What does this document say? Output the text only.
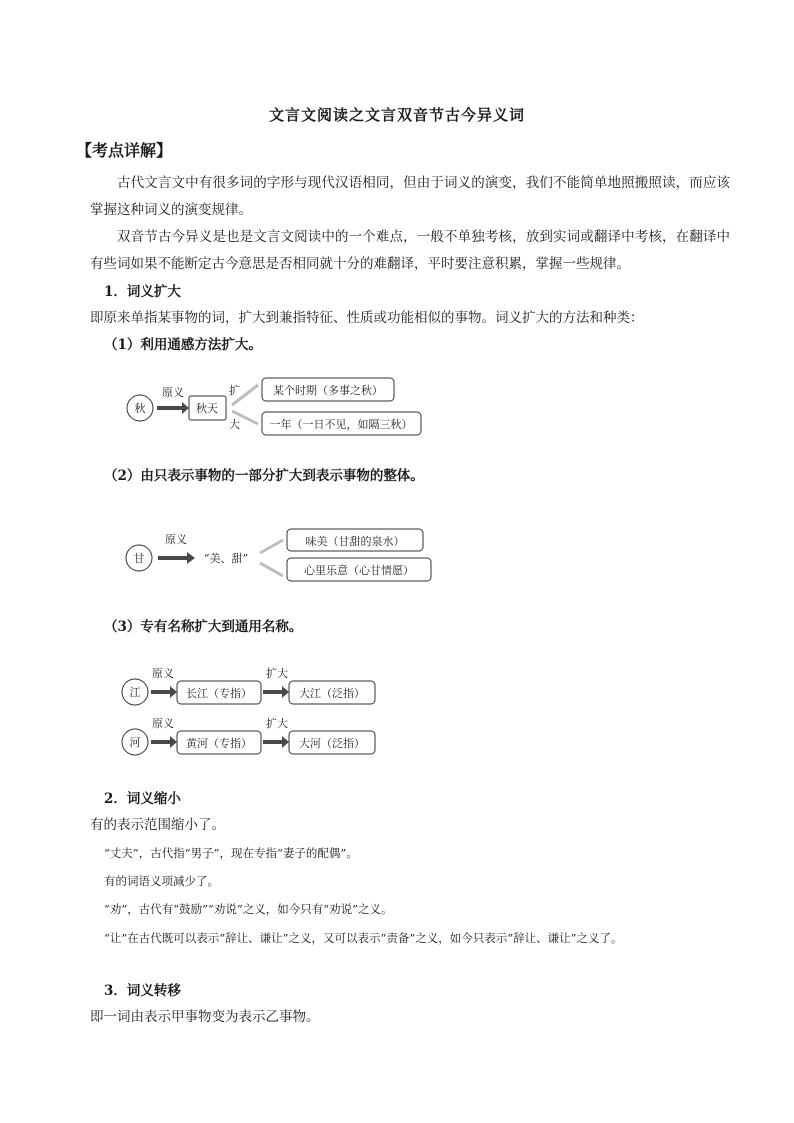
文言文阅读之文言双音节古今异义词
【考点详解】
古代文言文中有很多词的字形与现代汉语相同，但由于词义的演变，我们不能简单地照搬照读，而应该掌握这种词义的演变规律。
双音节古今异义是也是文言文阅读中的一个难点，一般不单独考核，放到实词或翻译中考核，在翻译中有些词如果不能断定古今意思是否相同就十分的难翻译，平时要注意积累，掌握一些规律。
1．词义扩大
即原来单指某事物的词，扩大到兼指特征、性质或功能相似的事物。词义扩大的方法和种类：
（1）利用通感方法扩大。
秋
原义
秋天
扩
大
某个时期（多事之秋）
一年（一日不见，如隔三秋）
（2）由只表示事物的一部分扩大到表示事物的整体。
甘
原义
“美、甜”
味美（甘甜的泉水）
心里乐意（心甘情愿）
（3）专有名称扩大到通用名称。
江
原义
长江（专指）
扩大
大江（泛指）
河
原义
黄河（专指）
扩大
大河（泛指）
2．词义缩小
有的表示范围缩小了。
“丈夫”，古代指“男子”，现在专指“妻子的配偶”。
有的词语义项减少了。
“劝”，古代有“鼓励”“劝说”之义，如今只有“劝说”之义。
“让”在古代既可以表示“辞让、谦让”之义，又可以表示“责备”之义，如今只表示“辞让、谦让”之义了。
3．词义转移
即一词由表示甲事物变为表示乙事物。
